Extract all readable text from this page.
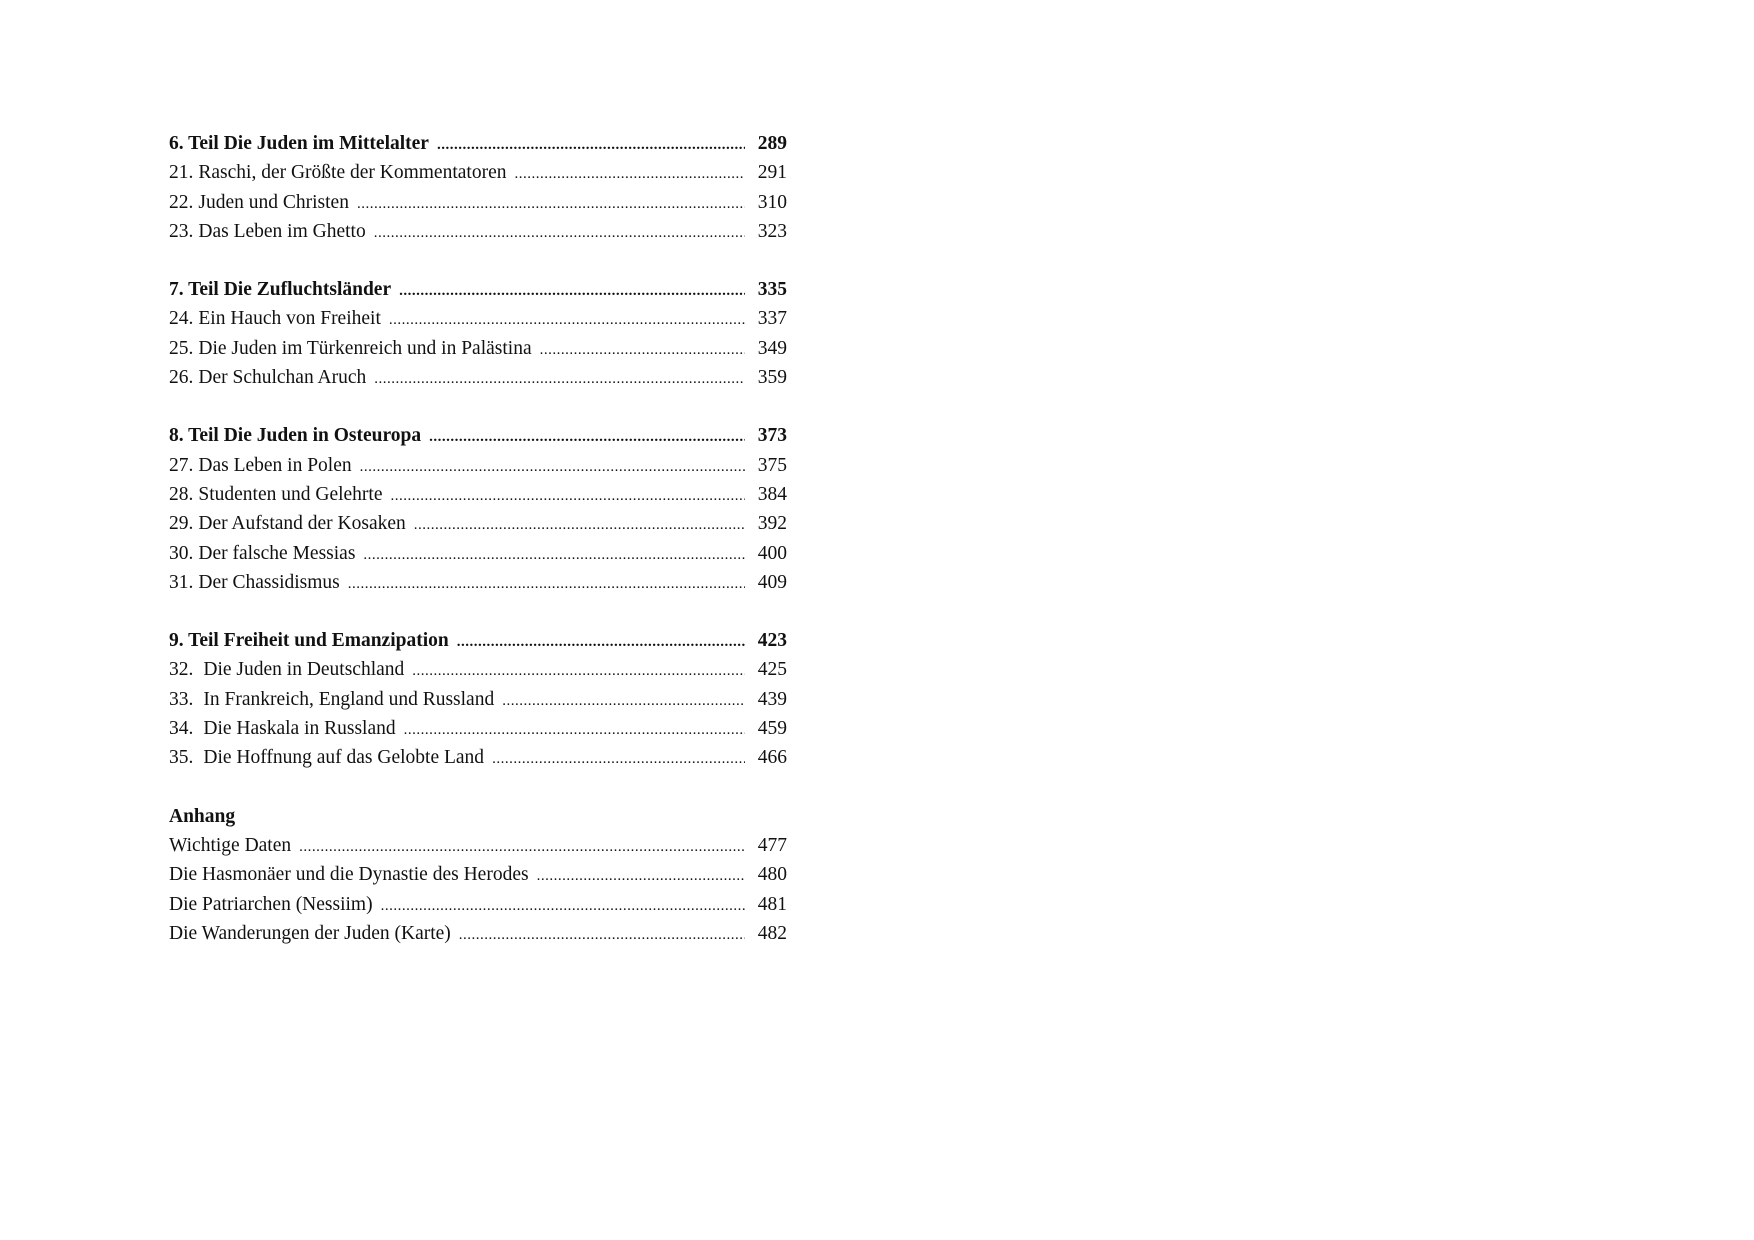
6. Teil Die Juden im Mittelalter .....	289
21. Raschi, der Größte der Kommentatoren .....	291
22. Juden und Christen .....	310
23. Das Leben im Ghetto .....	323
7. Teil Die Zufluchtsländer .....	335
24. Ein Hauch von Freiheit .....	337
25. Die Juden im Türkenreich und in Palästina .....	349
26. Der Schulchan Aruch .....	359
8. Teil Die Juden in Osteuropa .....	373
27. Das Leben in Polen .....	375
28. Studenten und Gelehrte .....	384
29. Der Aufstand der Kosaken .....	392
30. Der falsche Messias .....	400
31. Der Chassidismus .....	409
9. Teil Freiheit und Emanzipation .....	423
32. Die Juden in Deutschland .....	425
33. In Frankreich, England und Russland .....	439
34. Die Haskala in Russland .....	459
35. Die Hoffnung auf das Gelobte Land .....	466
Anhang
Wichtige Daten .....	477
Die Hasmonäer und die Dynastie des Herodes .....	480
Die Patriarchen (Nessiim) .....	481
Die Wanderungen der Juden (Karte) .....	482
